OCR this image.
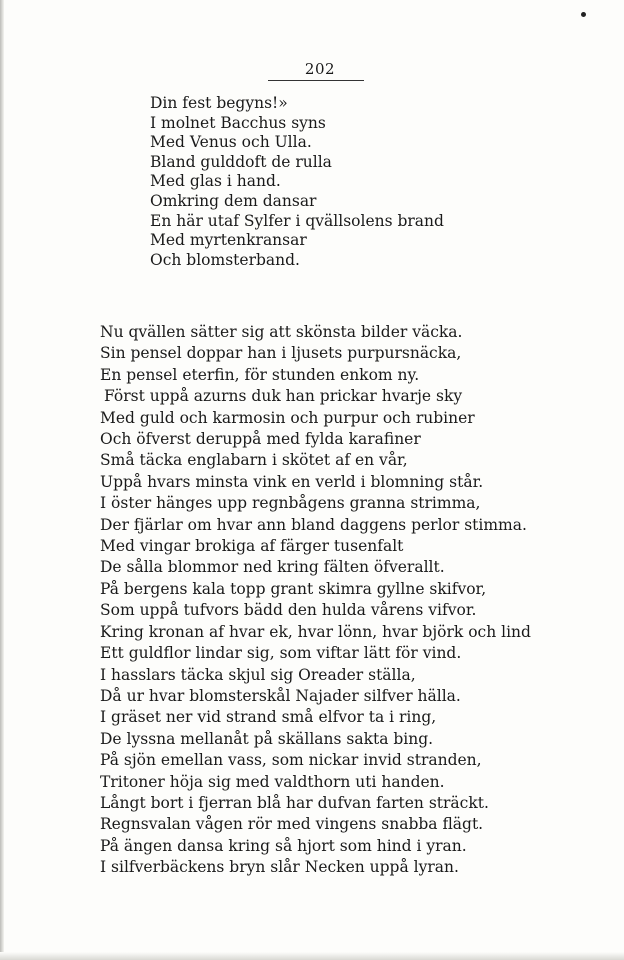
202
Din fest begyns!»
I molnet Bacchus syns
Med Venus och Ulla.
Bland gulddoft de rulla
Med glas i hand.
Omkring dem dansar
En här utaf Sylfer i qvällsolens brand
Med myrtenkransar
Och blomsterband.
Nu qvällen sätter sig att skönsta bilder väcka.
Sin pensel doppar han i ljusets purpursnäcka,
En pensel eterfin, för stunden enkom ny.
Först uppå azurns duk han prickar hvarje sky
Med guld och karmosin och purpur och rubiner
Och öfverst deruppå med fylda karafiner
Små täcka englabarn i skötet af en vår,
Uppå hvars minsta vink en verld i blomning står.
I öster hänges upp regnbågens granna strimma,
Der fjärlar om hvar ann bland daggens perlor stimma.
Med vingar brokiga af färger tusenfalt
De sålla blommor ned kring fälten öfverallt.
På bergens kala topp grant skimra gyllne skifvor,
Som uppå tufvors bädd den hulda vårens vifvor.
Kring kronan af hvar ek, hvar lönn, hvar björk och lind
Ett guldflor lindar sig, som viftar lätt för vind.
I hasslars täcka skjul sig Oreader ställa,
Då ur hvar blomsterskål Najader silfver hälla.
I gräset ner vid strand små elfvor ta i ring,
De lyssna mellanåt på skällans sakta bing.
På sjön emellan vass, som nickar invid stranden,
Tritoner höja sig med valdthorn uti handen.
Långt bort i fjerran blå har dufvan farten sträckt.
Regnsvalan vågen rör med vingens snabba flägt.
På ängen dansa kring så hjort som hind i yran.
I silfverbäckens bryn slår Necken uppå lyran.
